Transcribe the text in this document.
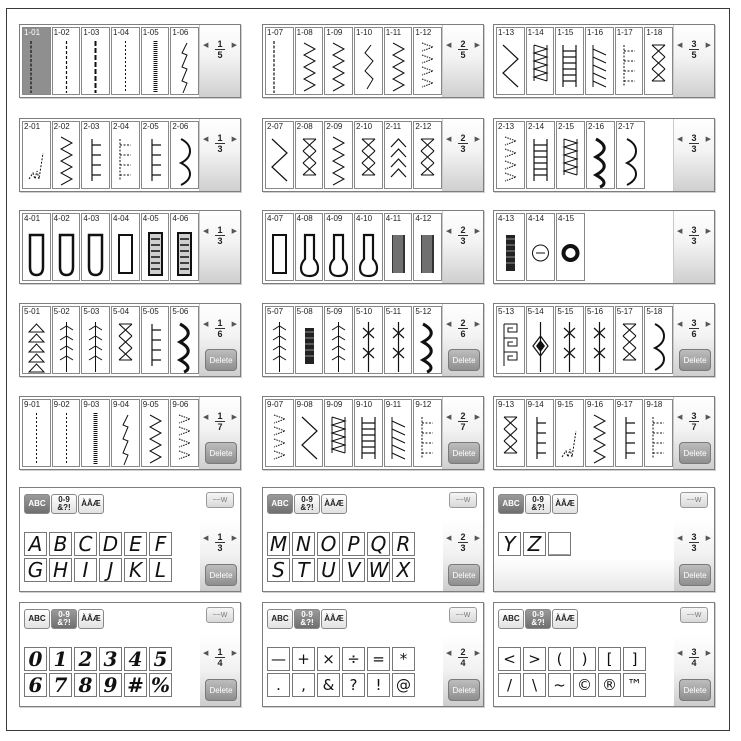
1-01 1-02 1-03 1-04 1-05 1-06
◀ 1 ▶
5
1-07 1-08 1-09 1-10 1-11 1-12
◀ 2 ▶
5
1-13 1-14 1-15 1-16 1-17 1-18
◀ 3 ▶
5
2-01 2-02 2-03 2-04 2-05 2-06
◀ 1 ▶
3
2-07 2-08 2-09 2-10 2-11 2-12
◀ 2 ▶
3
2-13 2-14 2-15 2-16 2-17
◀ 3 ▶
3
4-01 4-02 4-03 4-04 4-05 4-06
◀ 1 ▶
3
4-07 4-08 4-09 4-10 4-11 4-12
◀ 2 ▶
3
4-13 4-14 4-15
◀ 3 ▶
3
5-01 5-02 5-03 5-04 5-05 5-06
◀ 1 ▶
6
Delete
5-07 5-08 5-09 5-10 5-11 5-12
◀ 2 ▶
6
Delete
5-13 5-14 5-15 5-16 5-17 5-18
◀ 3 ▶
6
Delete
9-01 9-02 9-03 9-04 9-05 9-06
◀ 1 ▶
7
Delete
9-07 9-08 9-09 9-10 9-11 9-12
◀ 2 ▶
7
Delete
9-13 9-14 9-15 9-16 9-17 9-18
◀ 3 ▶
7
Delete
ABC 0-9
&?! ÀÂÆ	~~W
A B C D E F
G H I J K L
◀ 1 ▶
3
Delete
ABC 0-9
&?! ÀÂÆ	~~W
M N O P Q R
S T U V W X
◀ 2 ▶
3
Delete
ABC 0-9
&?! ÀÂÆ	~~W
Y Z __	◀ 3 ▶
3
Delete
ABC 0-9
&?! ÀÂÆ	~~W
0 1 2 3 4 5
6 7 8 9 # %
◀ 1 ▶
4
Delete
ABC 0-9
&?! ÀÂÆ	~~W
— + × ÷ = *
.	,	&	?	! @
◀ 2 ▶
4
Delete
ABC 0-9
&?! ÀÂÆ	~~W
< >	(	)	[	]
/	\	~ © ® ™
◀ 3 ▶
4
Delete
